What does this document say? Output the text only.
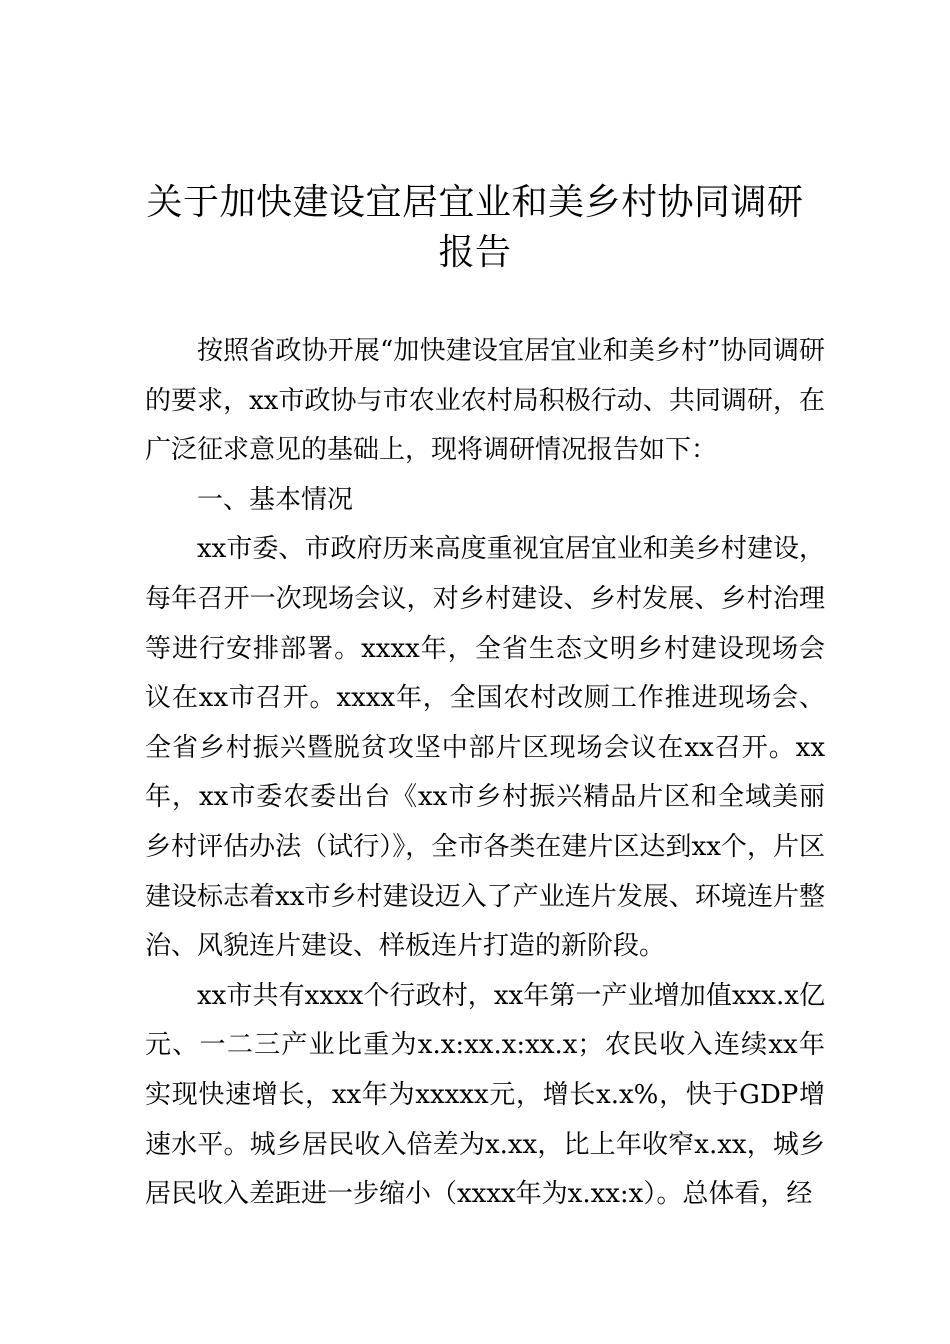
关于加快建设宜居宜业和美乡村协同调研
报告

按照省政协开展“加快建设宜居宜业和美乡村”协同调研的要求，xx市政协与市农业农村局积极行动、共同调研，在广泛征求意见的基础上，现将调研情况报告如下：

一、基本情况

xx市委、市政府历来高度重视宜居宜业和美乡村建设，每年召开一次现场会议，对乡村建设、乡村发展、乡村治理等进行安排部署。xxxx年，全省生态文明乡村建设现场会议在xx市召开。xxxx年，全国农村改厕工作推进现场会、全省乡村振兴暨脱贫攻坚中部片区现场会议在xx召开。xx年，xx市委农委出台《xx市乡村振兴精品片区和全域美丽乡村评估办法（试行）》，全市各类在建片区达到xx个，片区建设标志着xx市乡村建设迈入了产业连片发展、环境连片整治、风貌连片建设、样板连片打造的新阶段。

xx市共有xxxx个行政村，xx年第一产业增加值xxx.x亿元、一二三产业比重为x.x:xx.x:xx.x；农民收入连续xx年实现快速增长，xx年为xxxxx元，增长x.x%，快于GDP增速水平。城乡居民收入倍差为x.xx，比上年收窄x.xx，城乡居民收入差距进一步缩小（xxxx年为x.xx:x）。总体看，经
